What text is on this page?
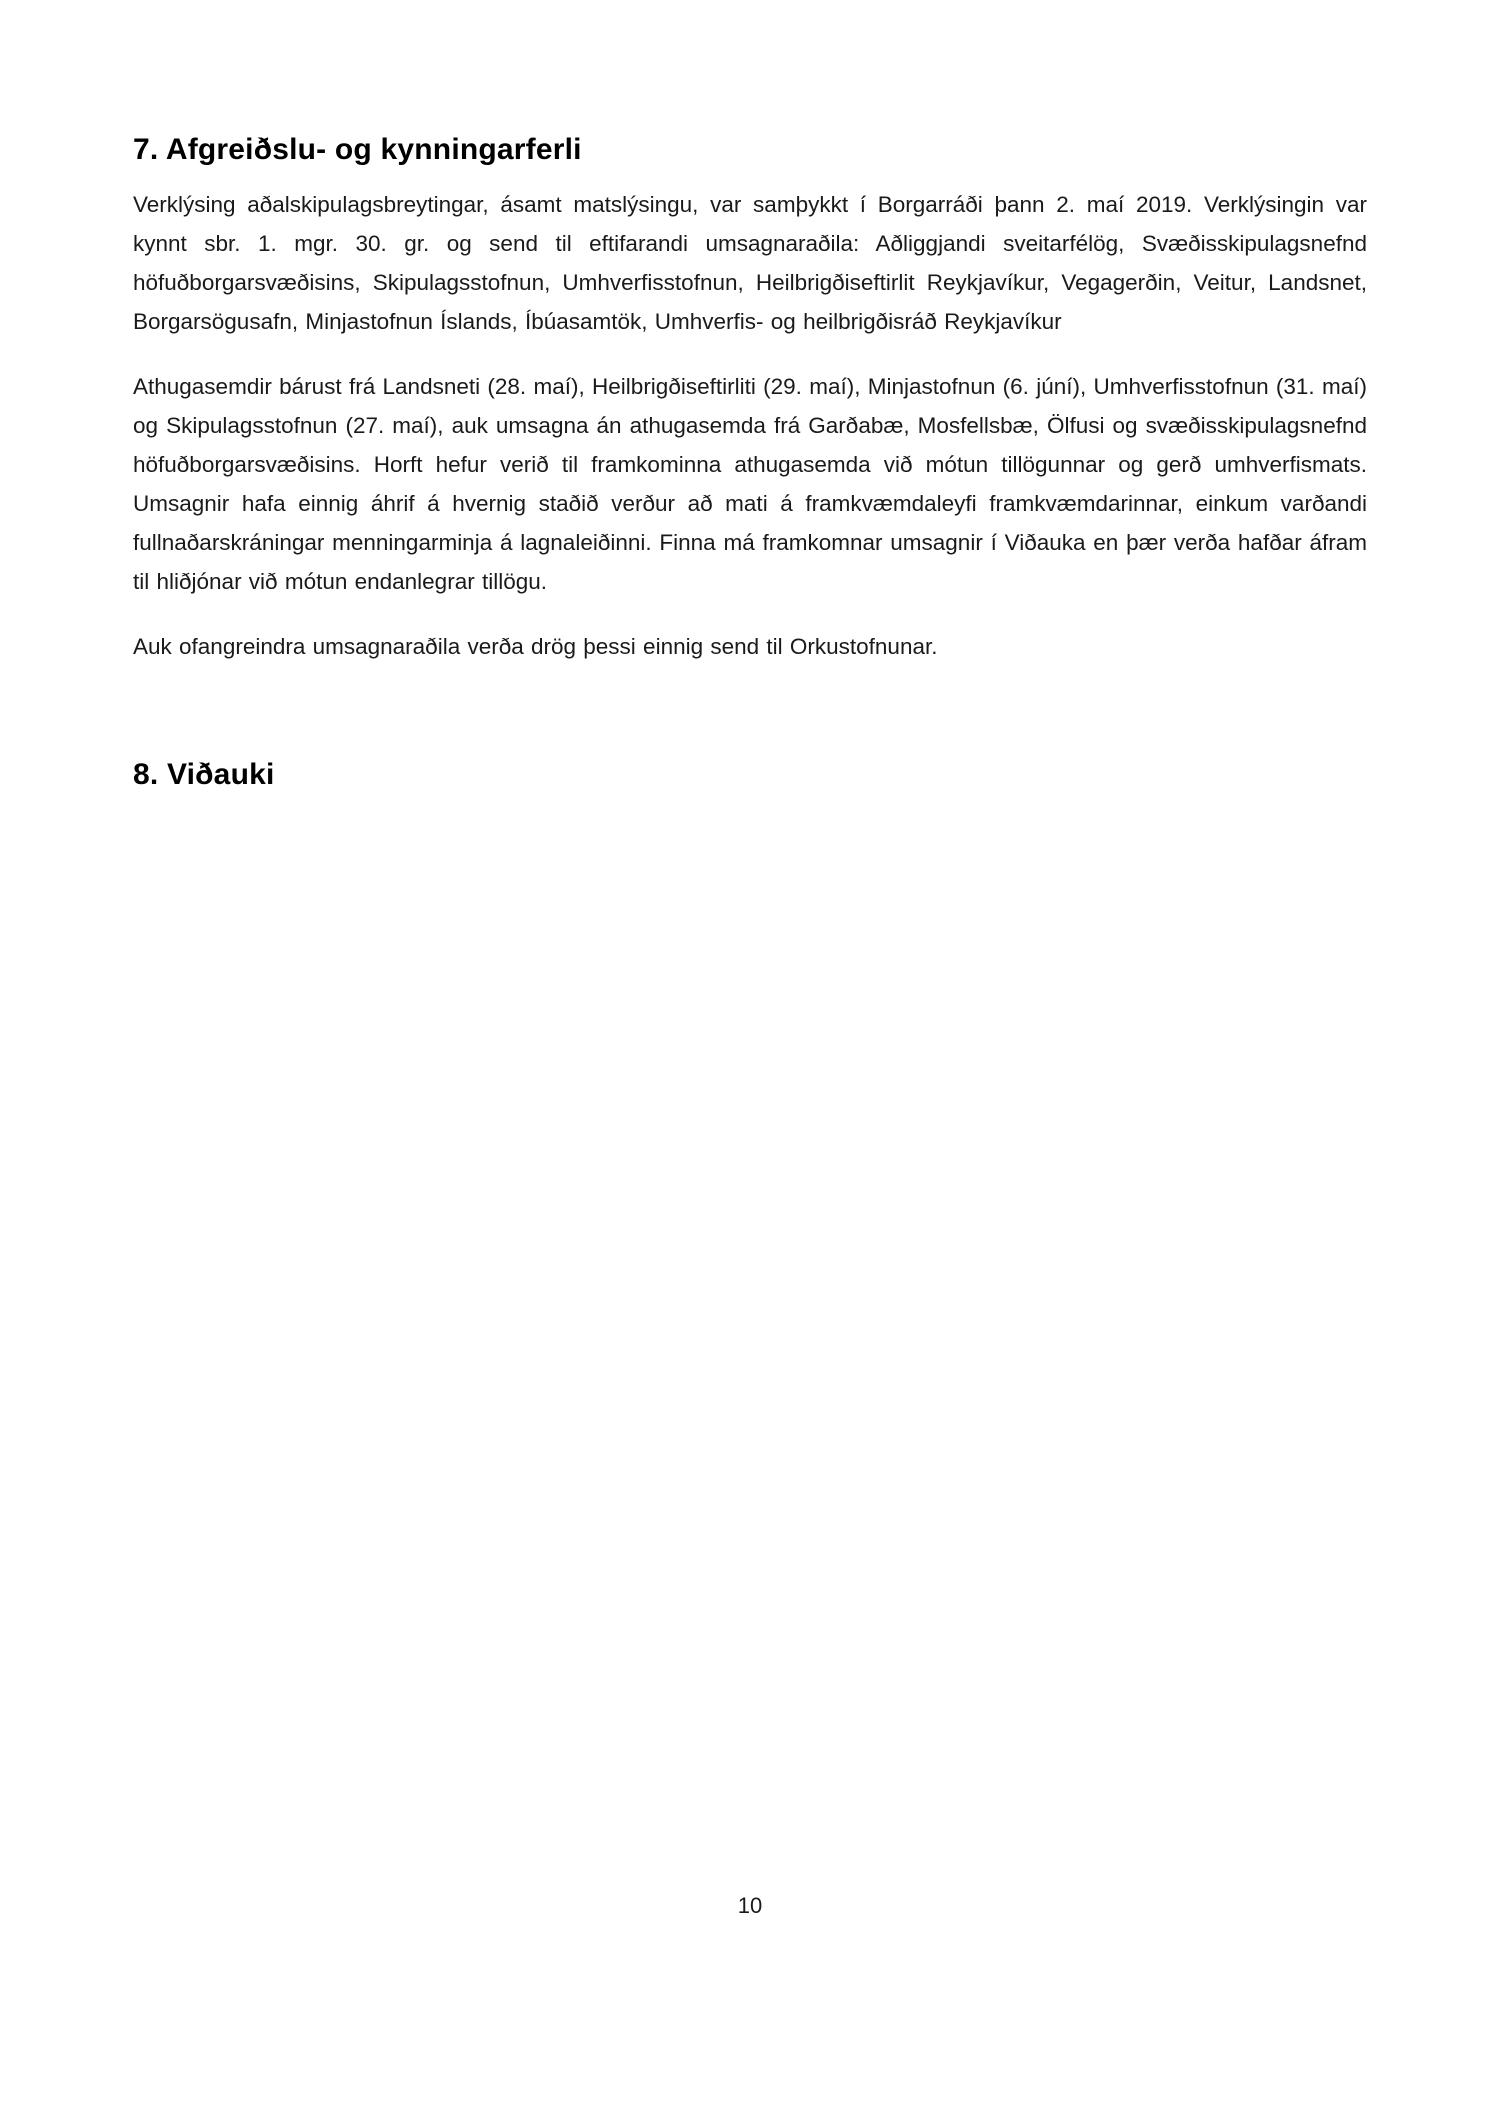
7. Afgreiðslu- og kynningarferli

Verklýsing aðalskipulagsbreytingar, ásamt matslýsingu, var samþykkt í Borgarráði þann 2. maí 2019. Verklýsingin var kynnt sbr. 1. mgr. 30. gr. og send til eftifarandi umsagnaraðila: Aðliggjandi sveitarfélög, Svæðisskipulagsnefnd höfuðborgarsvæðisins, Skipulagsstofnun, Umhverfisstofnun, Heilbrigðiseftirlit Reykjavíkur, Vegagerðin, Veitur, Landsnet, Borgarsögusafn, Minjastofnun Íslands, Íbúasamtök, Umhverfis- og heilbrigðisráð Reykjavíkur

Athugasemdir bárust frá Landsneti (28. maí), Heilbrigðiseftirliti (29. maí), Minjastofnun (6. júní), Umhverfisstofnun (31. maí) og Skipulagsstofnun (27. maí), auk umsagna án athugasemda frá Garðabæ, Mosfellsbæ, Ölfusi og svæðisskipulagsnefnd höfuðborgarsvæðisins. Horft hefur verið til framkominna athugasemda við mótun tillögunnar og gerð umhverfismats. Umsagnir hafa einnig áhrif á hvernig staðið verður að mati á framkvæmdaleyfi framkvæmdarinnar, einkum varðandi fullnaðarskráningar menningarminja á lagnaleiðinni. Finna má framkomnar umsagnir í Viðauka en þær verða hafðar áfram til hliðjónar við mótun endanlegrar tillögu.

Auk ofangreindra umsagnaraðila verða drög þessi einnig send til Orkustofnunar.

8. Viðauki
10
